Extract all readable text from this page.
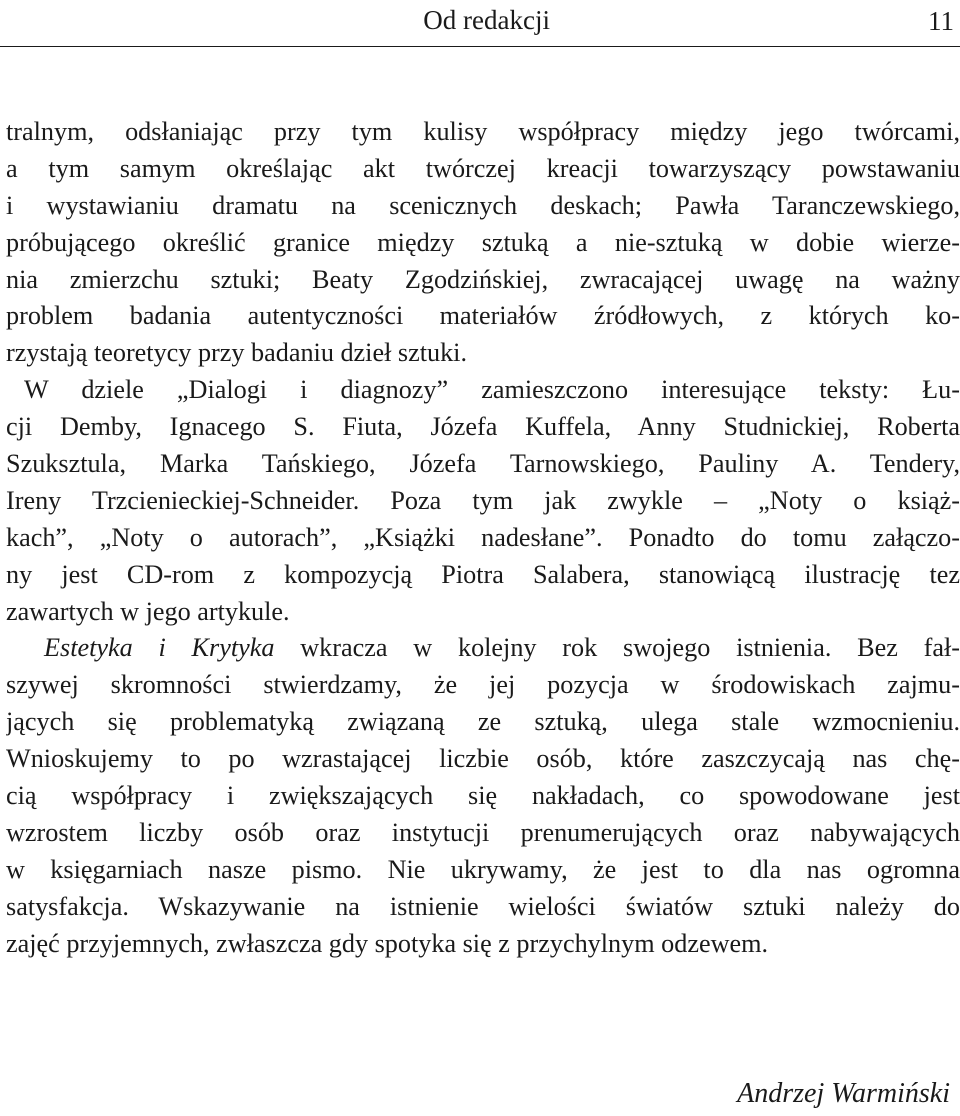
Od redakcji	11
tralnym, odsłaniając przy tym kulisy współpracy między jego twórcami,
a tym samym określając akt twórczej kreacji towarzyszący powstawaniu
i wystawianiu dramatu na scenicznych deskach; Pawła Taranczewskiego,
próbującego określić granice między sztuką a nie-sztuką w dobie wierze-
nia zmierzchu sztuki; Beaty Zgodzińskiej, zwracającej uwagę na ważny
problem badania autentyczności materiałów źródłowych, z których ko-
rzystają teoretycy przy badaniu dzieł sztuki.
W dziele „Dialogi i diagnozy” zamieszczono interesujące teksty: Łu-
cji Demby, Ignacego S. Fiuta, Józefa Kuffela, Anny Studnickiej, Roberta
Szuksztula, Marka Tańskiego, Józefa Tarnowskiego, Pauliny A. Tendery,
Ireny Trzcienieckiej-Schneider. Poza tym jak zwykle – „Noty o książ-
kach”, „Noty o autorach”, „Książki nadesłane”. Ponadto do tomu załączo-
ny jest CD-rom z kompozycją Piotra Salabera, stanowiącą ilustrację tez
zawartych w jego artykule.
Estetyka i Krytyka wkracza w kolejny rok swojego istnienia. Bez fał-
szywej skromności stwierdzamy, że jej pozycja w środowiskach zajmu-
jących się problematyką związaną ze sztuką, ulega stale wzmocnieniu.
Wnioskujemy to po wzrastającej liczbie osób, które zaszczycają nas chę-
cią współpracy i zwiększających się nakładach, co spowodowane jest
wzrostem liczby osób oraz instytucji prenumerujących oraz nabywających
w księgarniach nasze pismo. Nie ukrywamy, że jest to dla nas ogromna
satysfakcja. Wskazywanie na istnienie wielości światów sztuki należy do
zajęć przyjemnych, zwłaszcza gdy spotyka się z przychylnym odzewem.
Andrzej Warmiński
